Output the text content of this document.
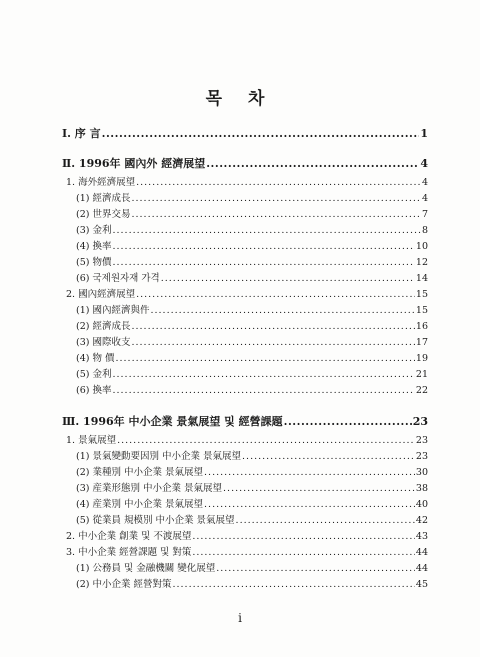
목 차
Ⅰ. 序 言 .....	1
Ⅱ. 1996年 國內外 經濟展望 .....	4
1. 海外經濟展望 .....	4
(1) 經濟成長 .....	4
(2) 世界交易 .....	7
(3) 金利 .....	8
(4) 換率 .....	10
(5) 物價 .....	12
(6) 국제원자재 가격 .....	14
2. 國內經濟展望 .....	15
(1) 國內經濟與件 .....	15
(2) 經濟成長 .....	16
(3) 國際收支 .....	17
(4) 物 價 .....	19
(5) 金利 .....	21
(6) 換率 .....	22
Ⅲ. 1996年 中小企業 景氣展望 및 經營課題 .....	23
1. 景氣展望 .....	23
(1) 景氣變動要因別 中小企業 景氣展望 .....	23
(2) 業種別 中小企業 景氣展望 .....	30
(3) 産業形態別 中小企業 景氣展望 .....	38
(4) 産業別 中小企業 景氣展望 .....	40
(5) 從業員 規模別 中小企業 景氣展望 .....	42
2. 中小企業 創業 및 不渡展望 .....	43
3. 中小企業 經營課題 및 對策 .....	44
(1) 公務員 및 金融機關 變化展望 .....	44
(2) 中小企業 經營對策 .....	45

i
